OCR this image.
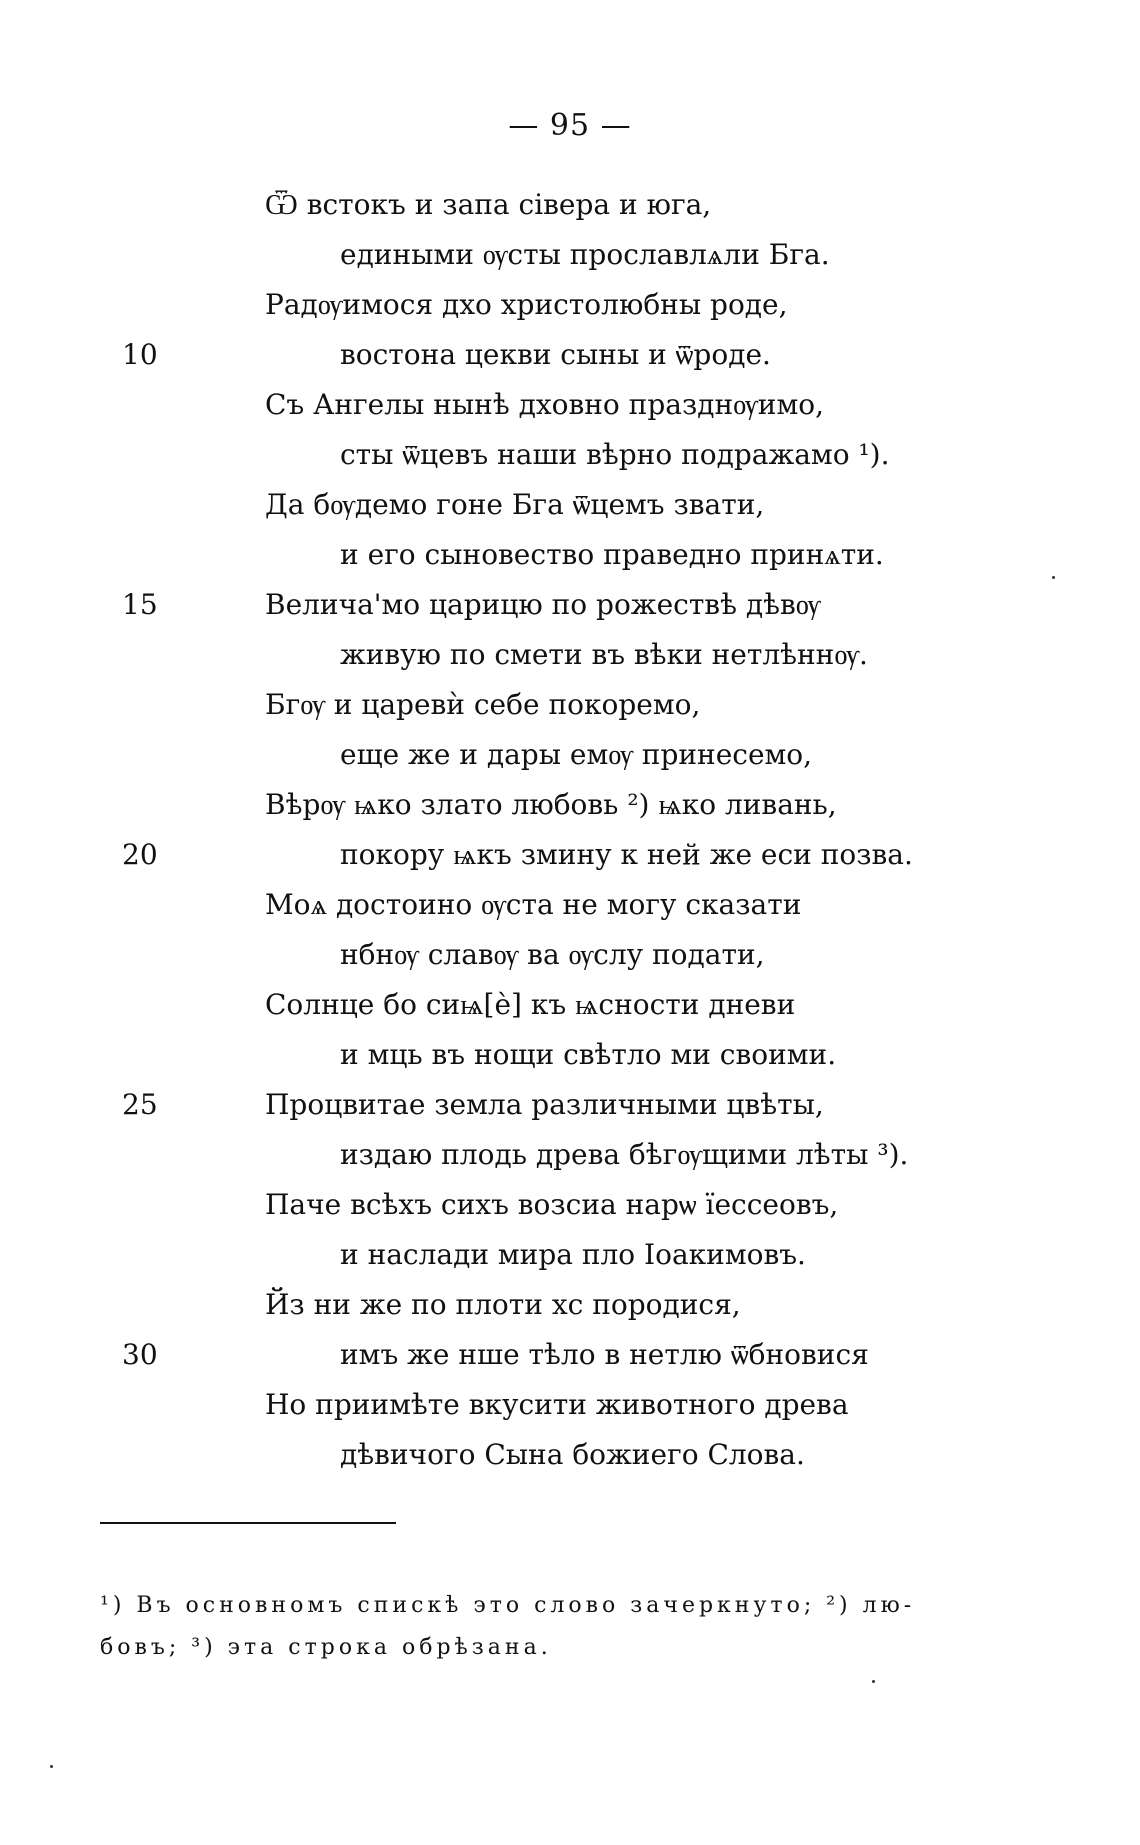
— 95 —
Ѿ встокъ и запа сівера и юга,
едиными ѹсты прославлѧли Бга.
Радѹимося дхо христолюбны роде,
10	востона цекви сыны и ѿроде.
Съ Ангелы нынѣ дховно празднѹимо,
сты ѿцевъ наши вѣрно подражамо ¹).
Да бѹдемо гоне Бга ѿцемъ звати,
и его сыновество праведно принѧти.
15	Велича'мо царицю по рожествѣ дѣвѹ
живую по смети въ вѣки нетлѣннѹ.
Бгѹ и царевѝ себе покоремо,
еще же и дары емѹ принесемо,
Вѣрѹ ѩко злато любовь ²) ѩко ливань,
20	покору ѩкъ змину к ней же еси позва.
Моѧ достоино ѹста не могу сказати
нбнѹ славѹ ва ѹслу подати,
Солнце бо сиѩ[ѐ] къ ѩсности дневи
и мць въ нощи свѣтло ми своими.
25	Процвитае земла различными цвѣты,
издаю плодь древа бѣгѹщими лѣты ³).
Паче всѣхъ сихъ возсиа нарѡ їессеовъ,
и наслади мира пло Іоакимовъ.
Йз ни же по плоти хс породися,
30	имъ же нше тѣло в нетлю ѿбновися
Но приимѣте вкусити животного древа
дѣвичого Сына божиего Слова.
¹) Въ основномъ спискѣ это слово зачеркнуто; ²) лю-
бовъ; ³) эта строка обрѣзана.
